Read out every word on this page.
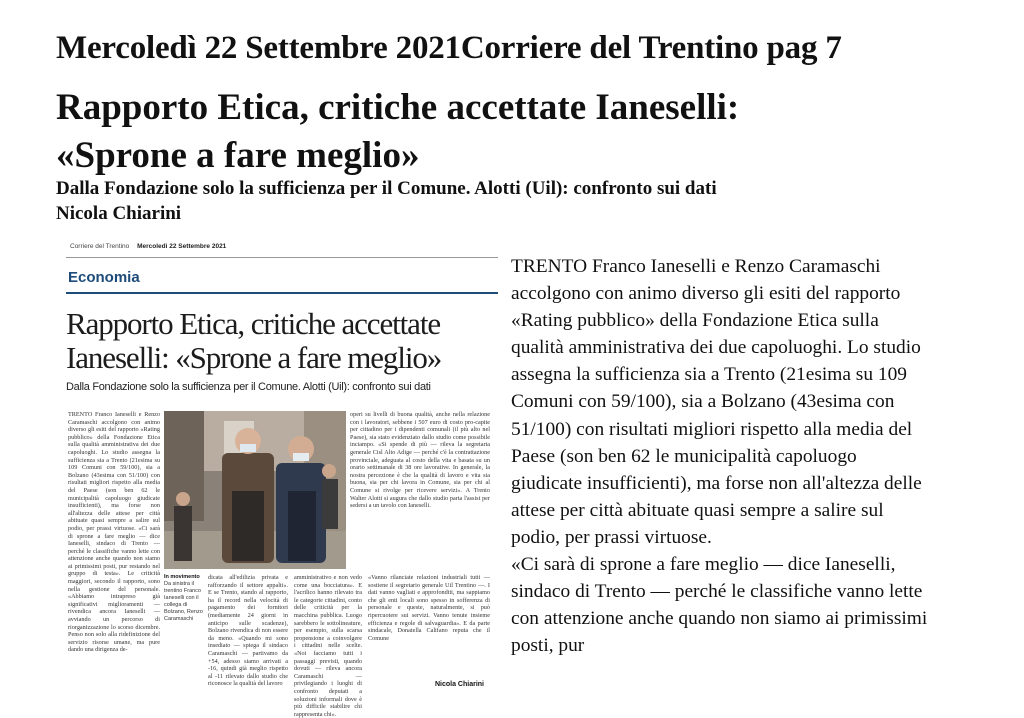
Mercoledì 22 Settembre 2021Corriere del Trentino pag 7
Rapporto Etica, critiche accettate Ianeselli:
«Sprone a fare meglio»
Dalla Fondazione solo la sufficienza per il Comune. Alotti (Uil): confronto sui dati
Nicola Chiarini
Corriere del Trentino Mercoledì 22 Settembre 2021
Economia
Rapporto Etica, critiche accettate
Ianeselli: «Sprone a fare meglio»
Dalla Fondazione solo la sufficienza per il Comune. Alotti (Uil): confronto sui dati
TRENTO Franco Ianeselli e Renzo Caramaschi accolgono con animo diverso gli esiti del rapporto «Rating pubblico» della Fondazione Etica sulla qualità amministrativa dei due capoluoghi. Lo studio assegna la sufficienza sia a Trento (21esima su 109 Comuni con 59/100), sia a Bolzano (43esima con 51/100) con risultati migliori rispetto alla media del Paese (son ben 62 le municipalità capoluogo giudicate insufficienti), ma forse non all'altezza delle attese per città abituate quasi sempre a salire sul podio, per prassi virtuose. «Ci sarà di sprone a fare meglio — dice Ianeselli, sindaco di Trento — perché le classifiche vanno lette con attenzione anche quando non siamo ai primissimi posti, pur restando nel gruppo di testa». Le criticità maggiori, secondo il rapporto, sono nella gestione del personale. «Abbiamo intrapreso già significativi miglioramenti — rivendica ancora Ianeselli — avviando un percorso di riorganizzazione lo scorso dicembre. Penso non solo alla ridefinizione del servizio risorse umane, ma pure dando una dirigenza de-
operi su livelli di buona qualità, anche nella relazione con i lavoratori, sebbene i 507 euro di costo pro-capite per cittadino per i dipendenti comunali (il più alto nel Paese), sia stato evidenziato dallo studio come possibile inciampo. «Si spende di più — rileva la segretaria generale Cisl Alto Adige — perché c'è la contrattazione provinciale, adeguata al costo della vita e basata su un orario settimanale di 38 ore lavorative. In generale, la nostra percezione è che la qualità di lavoro e vita sia buona, sia per chi lavora in Comune, sia per chi al Comune si rivolge per ricevere servizi». A Trento Walter Alotti si augura che dallo studio parta l'assist per sedersi a un tavolo con Ianeselli.
In movimento
Da sinistra il trentino Franco Ianeselli con il collega di Bolzano, Renzo Caramaschi
dicata all'edilizia privata e rafforzando il settore appalti». E se Trento, stando al rapporto, ha il record nella velocità di pagamento dei fornitori (mediamente 24 giorni in anticipo sulle scadenze), Bolzano rivendica di non essere da meno. «Quando mi sono insediato — spiega il sindaco Caramaschi — partivamo da +54, adesso siamo arrivati a -16, quindi già meglio rispetto al -11 rilevato dallo studio che riconosce la qualità del lavoro
amministrativo e non vedo come una bocciatura». E l'acrilico hanno rilevato tra le categorie cittadini, conto delle criticità per la macchina pubblica. Luogo sarebbero le sottolineature, per esempio, sulla scarsa propensione a coinvolgere i cittadini nelle scelte. «Noi facciamo tutti i passaggi previsti, quando dovuti — rileva ancora Caramaschi — privilegiando i luoghi di confronto deputati a soluzioni informali dove è più difficile stabilire chi rappresenta chi».
«Vanno rilanciate relazioni industriali tutti — sostiene il segretario generale Uil Trentino —. I dati vanno vagliati e approfonditi, ma sappiamo che gli enti locali sono spesso in sofferenza di personale e queste, naturalmente, si può ripercuotere sui servizi. Vanno tenute insieme efficienza e regole di salvaguardia». E da parte sindacale, Donatella Califano reputa che il Comune
Nicola Chiarini

TRENTO Franco Ianeselli e Renzo Caramaschi accolgono con animo diverso gli esiti del rapporto «Rating pubblico» della Fondazione Etica sulla qualità amministrativa dei due capoluoghi. Lo studio assegna la sufficienza sia a Trento (21esima su 109 Comuni con 59/100), sia a Bolzano (43esima con 51/100) con risultati migliori rispetto alla media del Paese (son ben 62 le municipalità capoluogo giudicate insufficienti), ma forse non all'altezza delle attese per città abituate quasi sempre a salire sul podio, per prassi virtuose.

«Ci sarà di sprone a fare meglio — dice Ianeselli, sindaco di Trento — perché le classifiche vanno lette con attenzione anche quando non siamo ai primissimi posti, pur
